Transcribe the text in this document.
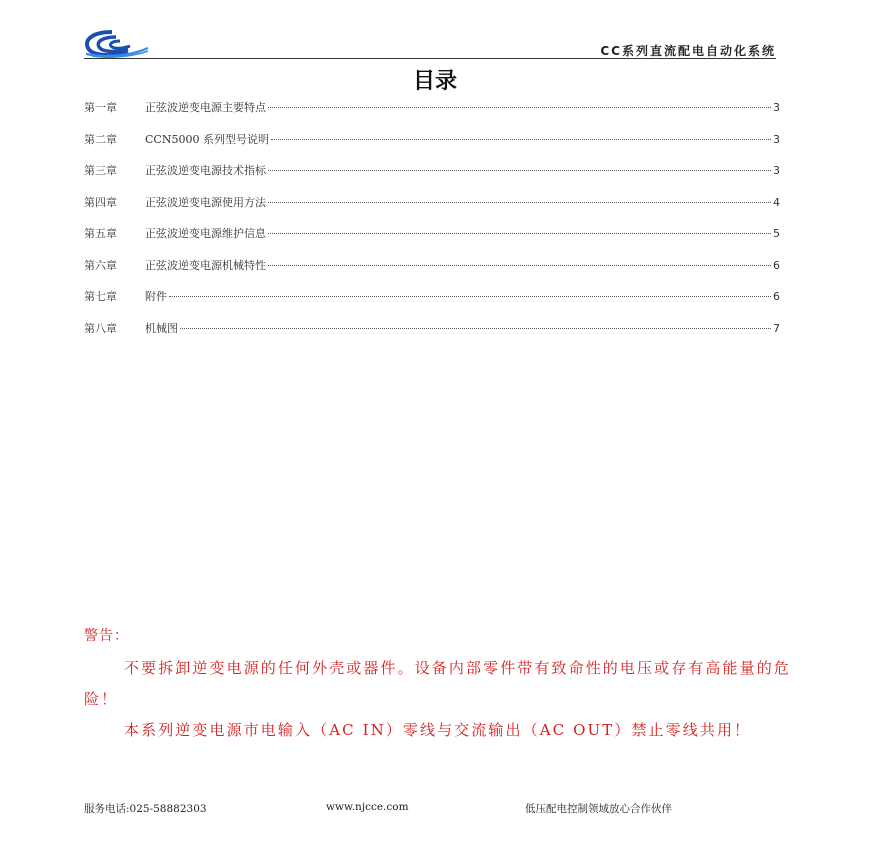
CC系列直流配电自动化系统
目录
第一章	正弦波逆变电源主要特点	3
第二章	CCN5000 系列型号说明	3
第三章	正弦波逆变电源技术指标	3
第四章	正弦波逆变电源使用方法	4
第五章	正弦波逆变电源维护信息	5
第六章	正弦波逆变电源机械特性	6
第七章	附件	6
第八章	机械图	7
警告：

不要拆卸逆变电源的任何外壳或器件。设备内部零件带有致命性的电压或存有高能量的危险！

本系列逆变电源市电输入（AC IN）零线与交流输出（AC OUT）禁止零线共用！

服务电话:025-58882303	www.njcce.com	低压配电控制领域放心合作伙伴
